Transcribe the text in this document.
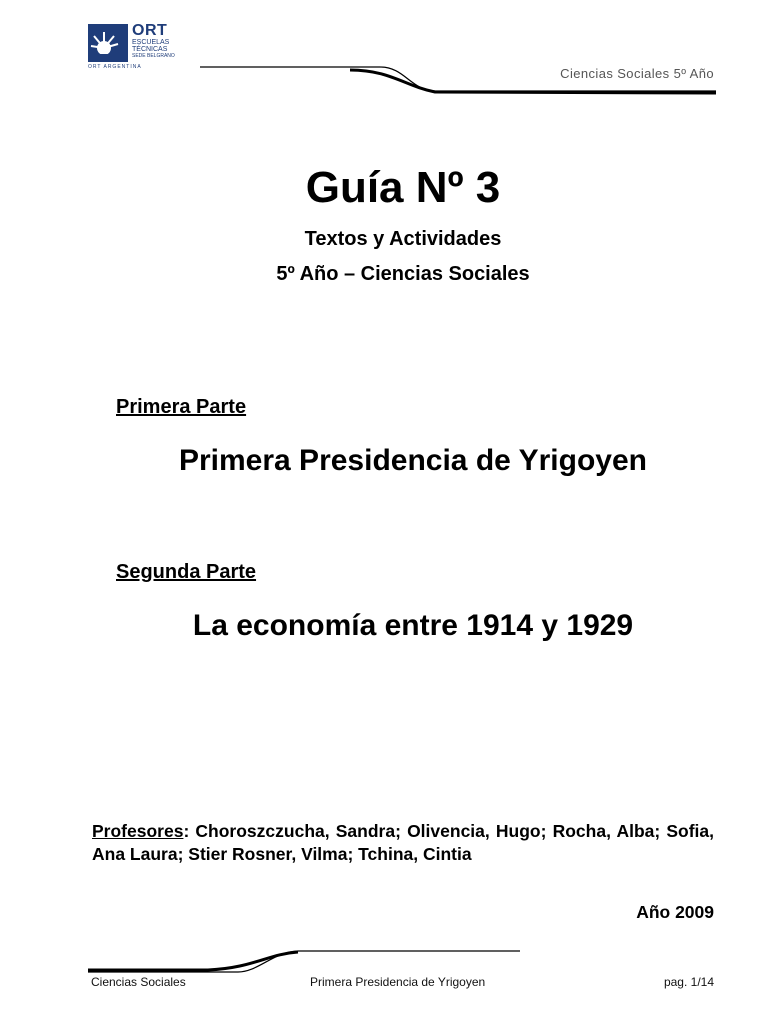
ORT
ESCUELAS
TÉCNICAS
SEDE BELGRANO
ORT ARGENTINA	Ciencias Sociales 5º Año
Guía Nº 3
Textos y Actividades
5º Año – Ciencias Sociales
Primera Parte
Primera Presidencia de Yrigoyen
Segunda Parte
La economía entre 1914 y 1929
Profesores: Choroszczucha, Sandra; Olivencia, Hugo; Rocha, Alba; Sofia, Ana Laura; Stier Rosner, Vilma; Tchina, Cintia
Año 2009
Ciencias Sociales	Primera Presidencia de Yrigoyen	pag. 1/14
